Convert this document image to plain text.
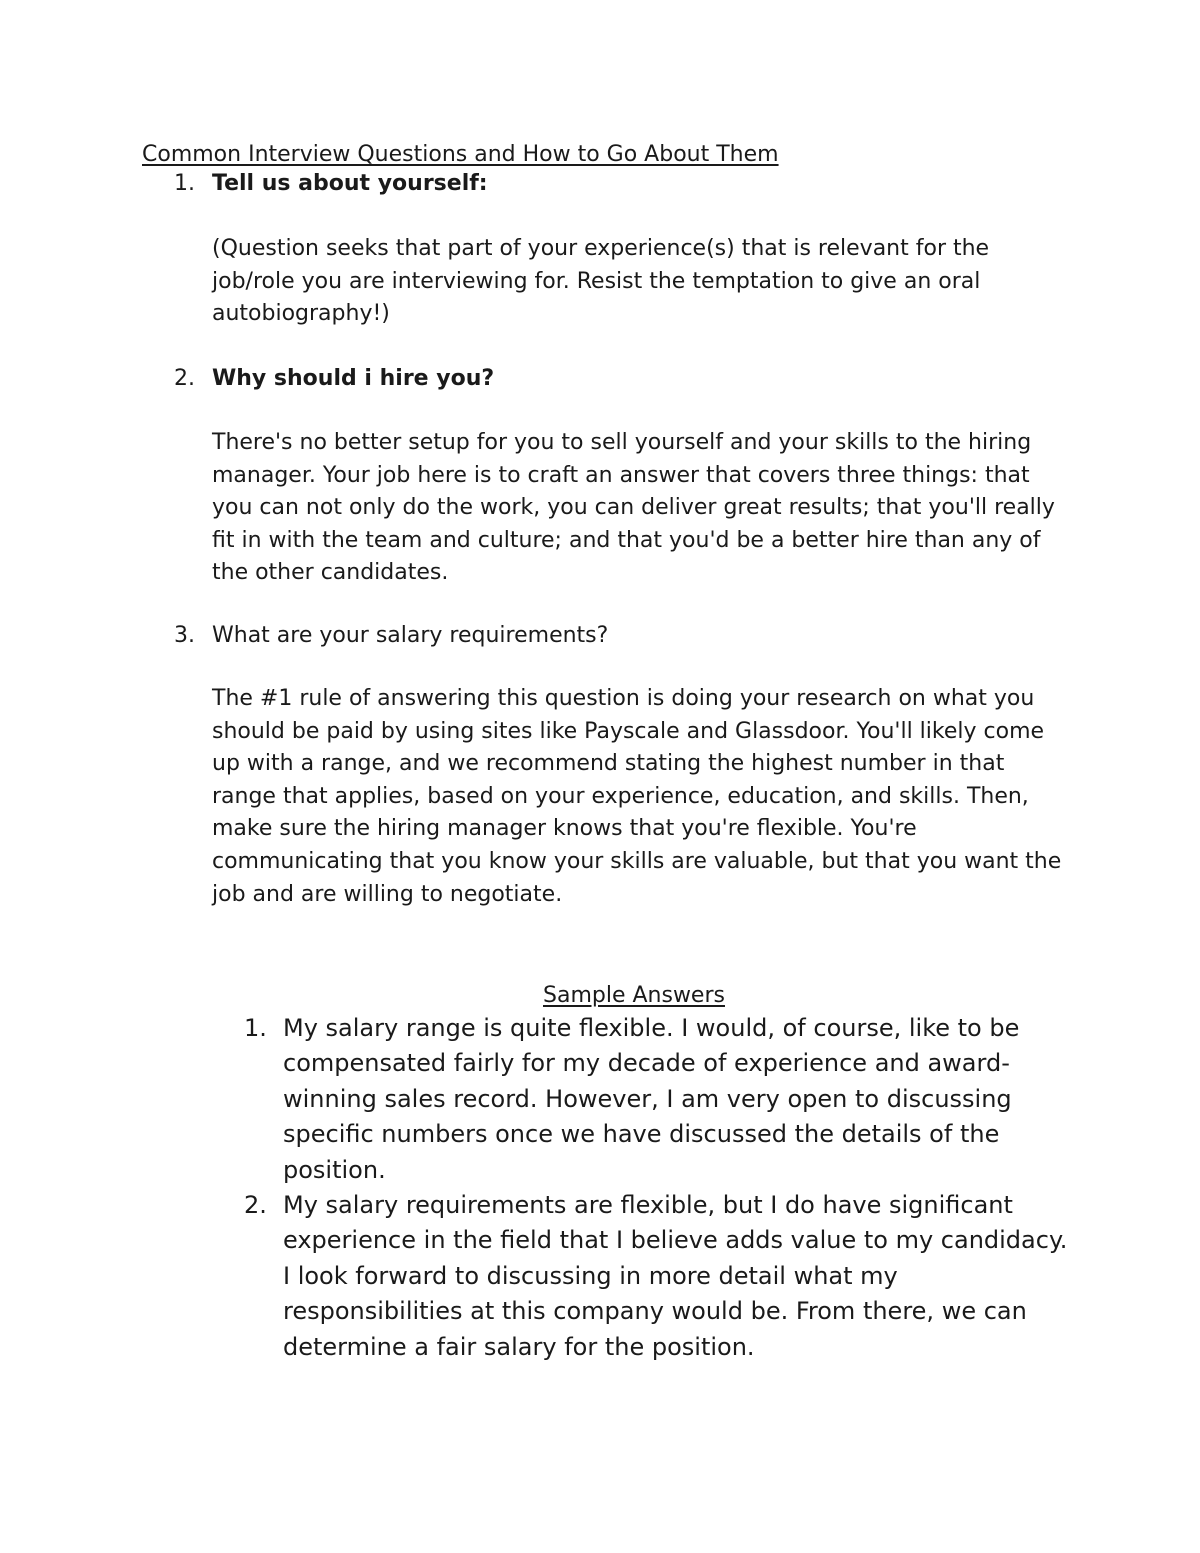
Common Interview Questions and How to Go About Them
1. Tell us about yourself:

(Question seeks that part of your experience(s) that is relevant for the job/role you are interviewing for. Resist the temptation to give an oral autobiography!)

2. Why should i hire you?

There's no better setup for you to sell yourself and your skills to the hiring manager. Your job here is to craft an answer that covers three things: that you can not only do the work, you can deliver great results; that you'll really fit in with the team and culture; and that you'd be a better hire than any of the other candidates.

3. What are your salary requirements?

The #1 rule of answering this question is doing your research on what you should be paid by using sites like Payscale and Glassdoor. You'll likely come up with a range, and we recommend stating the highest number in that range that applies, based on your experience, education, and skills. Then, make sure the hiring manager knows that you're flexible. You're communicating that you know your skills are valuable, but that you want the job and are willing to negotiate.

Sample Answers
1. My salary range is quite flexible. I would, of course, like to be compensated fairly for my decade of experience and award-winning sales record. However, I am very open to discussing specific numbers once we have discussed the details of the position.

2. My salary requirements are flexible, but I do have significant experience in the field that I believe adds value to my candidacy. I look forward to discussing in more detail what my responsibilities at this company would be. From there, we can determine a fair salary for the position.
